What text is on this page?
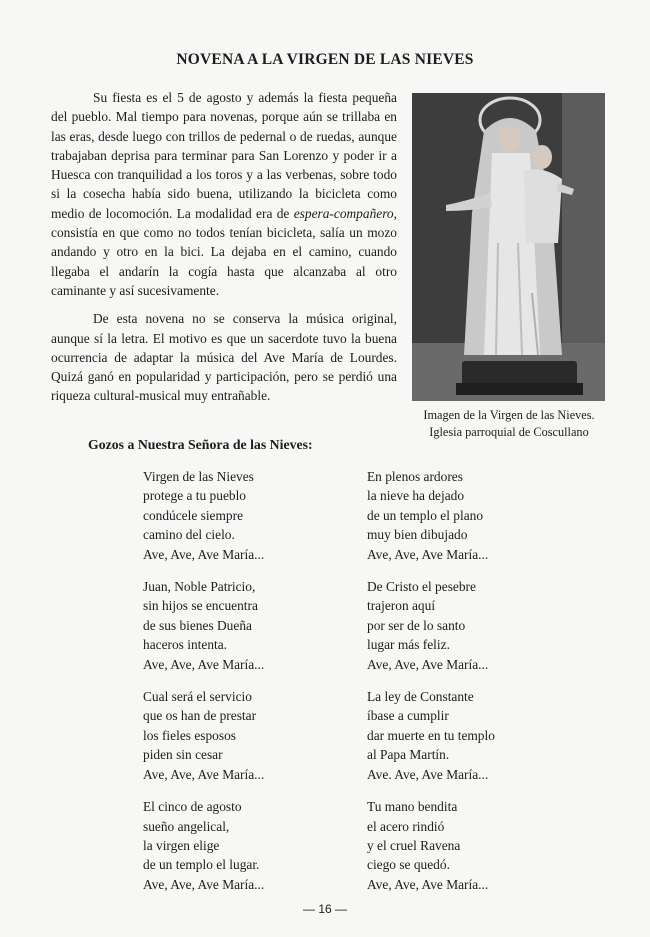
NOVENA A LA VIRGEN DE LAS NIEVES

Su fiesta es el 5 de agosto y además la fiesta pequeña del pueblo. Mal tiempo para novenas, porque aún se trillaba en las eras, desde luego con trillos de pedernal o de ruedas, aunque trabajaban deprisa para terminar para San Lorenzo y poder ir a Huesca con tranquilidad a los toros y a las verbenas, sobre todo si la cosecha había sido buena, utilizando la bicicleta como medio de locomoción. La modalidad era de espera-compañero, consistía en que como no todos tenían bicicleta, salía un mozo andando y otro en la bici. La dejaba en el camino, cuando llegaba el andarín la cogía hasta que alcanzaba al otro caminante y así sucesivamente.

De esta novena no se conserva la música original, aunque sí la letra. El motivo es que un sacerdote tuvo la buena ocurrencia de adaptar la música del Ave María de Lourdes. Quizá ganó en popularidad y participación, pero se perdió una riqueza cultural-musical muy entrañable.

Imagen de la Virgen de las Nieves.
Iglesia parroquial de Coscullano
Gozos a Nuestra Señora de las Nieves:
Virgen de las Nieves
protege a tu pueblo
condúcele siempre
camino del cielo.
Ave, Ave, Ave María...
Juan, Noble Patricio,
sin hijos se encuentra
de sus bienes Dueña
haceros intenta.
Ave, Ave, Ave María...
Cual será el servicio
que os han de prestar
los fieles esposos
piden sin cesar
Ave, Ave, Ave María...
El cinco de agosto
sueño angelical,
la virgen elige
de un templo el lugar.
Ave, Ave, Ave María...
En plenos ardores
la nieve ha dejado
de un templo el plano
muy bien dibujado
Ave, Ave, Ave María...
De Cristo el pesebre
trajeron aquí
por ser de lo santo
lugar más feliz.
Ave, Ave, Ave María...
La ley de Constante
íbase a cumplir
dar muerte en tu templo
al Papa Martín.
Ave. Ave, Ave María...
Tu mano bendita
el acero rindió
y el cruel Ravena
ciego se quedó.
Ave, Ave, Ave María...
— 16 —
